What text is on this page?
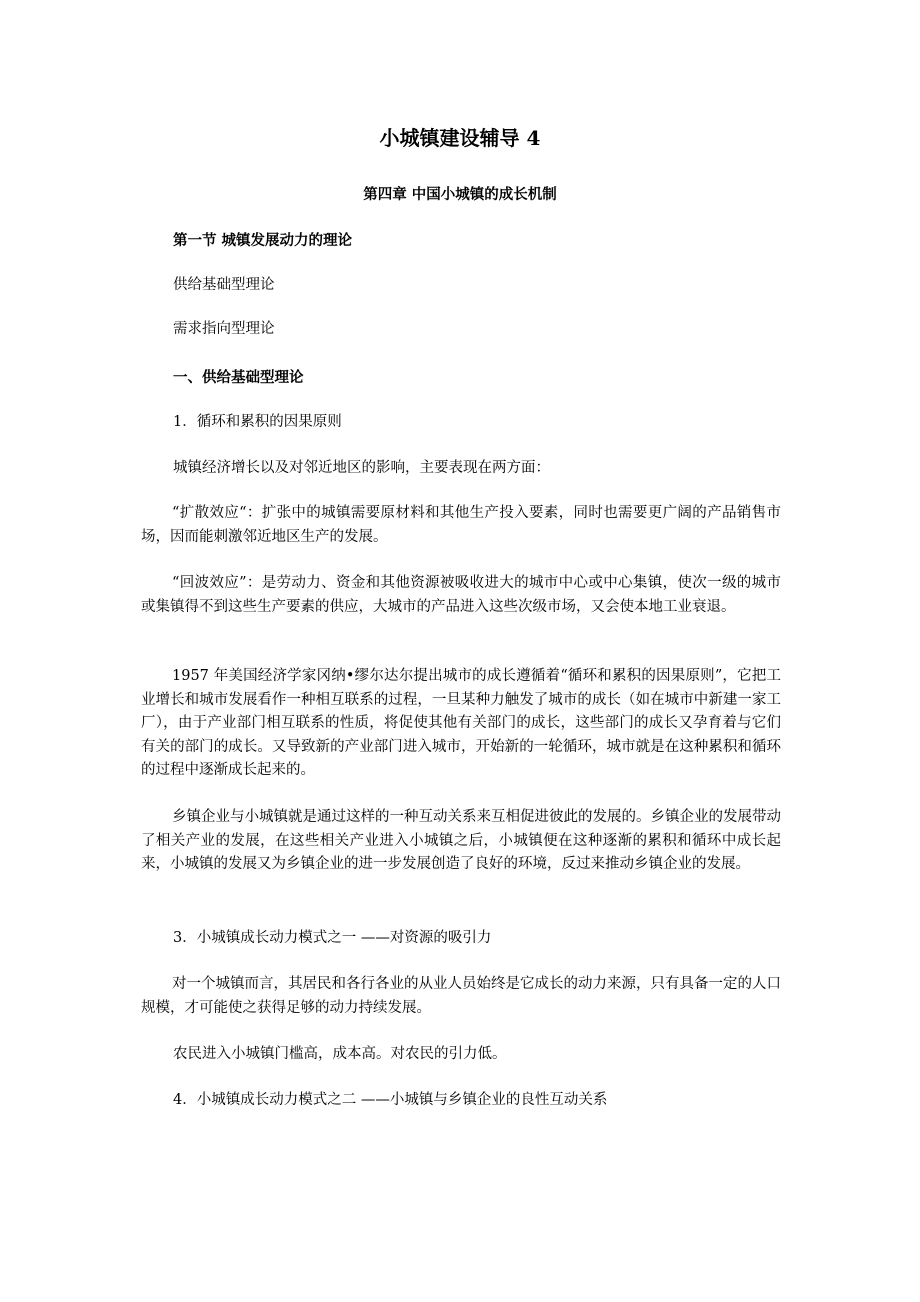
小城镇建设辅导 4
第四章 中国小城镇的成长机制
第一节 城镇发展动力的理论
供给基础型理论
需求指向型理论
一、供给基础型理论
1．循环和累积的因果原则
城镇经济增长以及对邻近地区的影响，主要表现在两方面：
“扩散效应“：扩张中的城镇需要原材料和其他生产投入要素，同时也需要更广阔的产品销售市场，因而能刺激邻近地区生产的发展。
“回波效应”：是劳动力、资金和其他资源被吸收进大的城市中心或中心集镇，使次一级的城市或集镇得不到这些生产要素的供应，大城市的产品进入这些次级市场，又会使本地工业衰退。
1957 年美国经济学家冈纳•缪尔达尔提出城市的成长遵循着“循环和累积的因果原则”，它把工业增长和城市发展看作一种相互联系的过程，一旦某种力触发了城市的成长（如在城市中新建一家工厂），由于产业部门相互联系的性质，将促使其他有关部门的成长，这些部门的成长又孕育着与它们有关的部门的成长。又导致新的产业部门进入城市，开始新的一轮循环，城市就是在这种累积和循环的过程中逐渐成长起来的。
乡镇企业与小城镇就是通过这样的一种互动关系来互相促进彼此的发展的。乡镇企业的发展带动了相关产业的发展，在这些相关产业进入小城镇之后，小城镇便在这种逐渐的累积和循环中成长起来，小城镇的发展又为乡镇企业的进一步发展创造了良好的环境，反过来推动乡镇企业的发展。
3．小城镇成长动力模式之一 ——对资源的吸引力
对一个城镇而言，其居民和各行各业的从业人员始终是它成长的动力来源，只有具备一定的人口规模，才可能使之获得足够的动力持续发展。
农民进入小城镇门槛高，成本高。对农民的引力低。
4．小城镇成长动力模式之二 ——小城镇与乡镇企业的良性互动关系
